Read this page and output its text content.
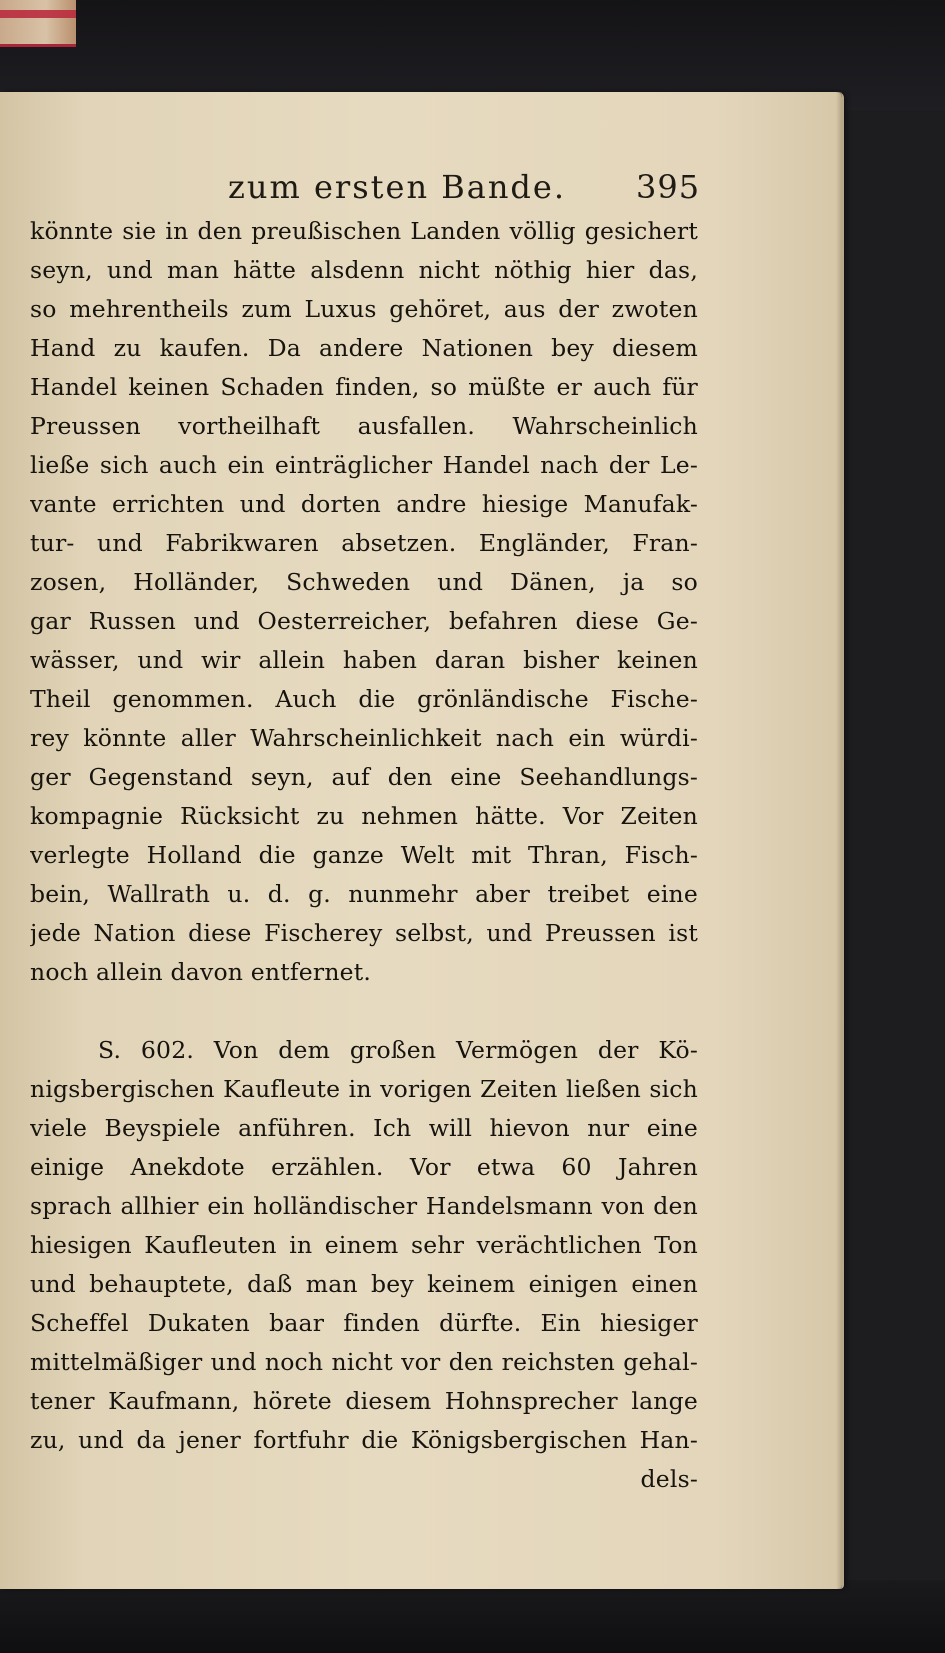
zum ersten Bande. 395
könnte sie in den preußischen Landen völlig gesichert
seyn, und man hätte alsdenn nicht nöthig hier das,
so mehrentheils zum Luxus gehöret, aus der zwoten
Hand zu kaufen. Da andere Nationen bey diesem
Handel keinen Schaden finden, so müßte er auch für
Preussen vortheilhaft ausfallen. Wahrscheinlich
ließe sich auch ein einträglicher Handel nach der Le-
vante errichten und dorten andre hiesige Manufak-
tur- und Fabrikwaren absetzen. Engländer, Fran-
zosen, Holländer, Schweden und Dänen, ja so
gar Russen und Oesterreicher, befahren diese Ge-
wässer, und wir allein haben daran bisher keinen
Theil genommen. Auch die grönländische Fische-
rey könnte aller Wahrscheinlichkeit nach ein würdi-
ger Gegenstand seyn, auf den eine Seehandlungs-
kompagnie Rücksicht zu nehmen hätte. Vor Zeiten
verlegte Holland die ganze Welt mit Thran, Fisch-
bein, Wallrath u. d. g. nunmehr aber treibet eine
jede Nation diese Fischerey selbst, und Preussen ist
noch allein davon entfernet.
S. 602. Von dem großen Vermögen der Kö-
nigsbergischen Kaufleute in vorigen Zeiten ließen sich
viele Beyspiele anführen. Ich will hievon nur eine
einige Anekdote erzählen. Vor etwa 60 Jahren
sprach allhier ein holländischer Handelsmann von den
hiesigen Kaufleuten in einem sehr verächtlichen Ton
und behauptete, daß man bey keinem einigen einen
Scheffel Dukaten baar finden dürfte. Ein hiesiger
mittelmäßiger und noch nicht vor den reichsten gehal-
tener Kaufmann, hörete diesem Hohnsprecher lange
zu, und da jener fortfuhr die Königsbergischen Han-
dels-
